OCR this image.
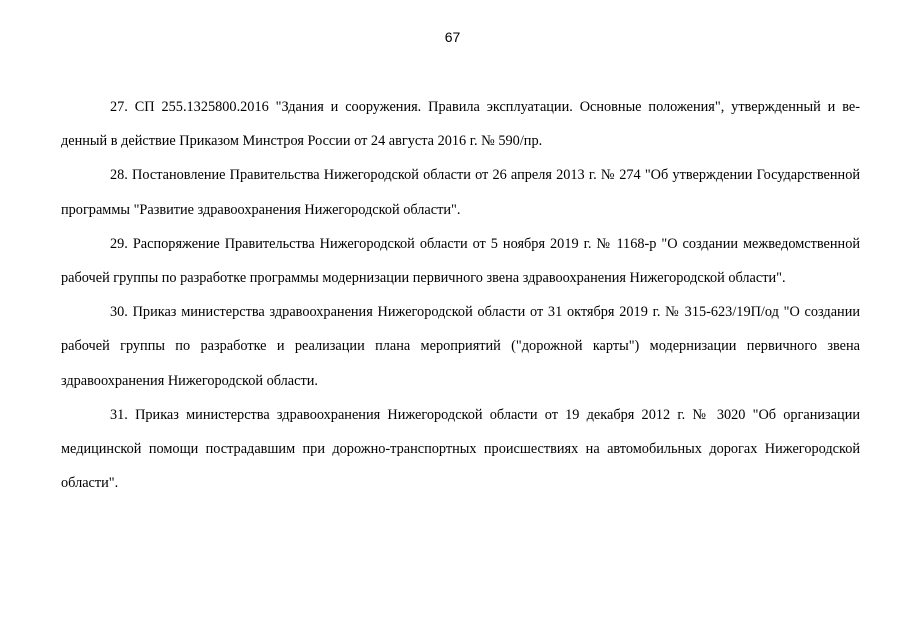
67

27. СП 255.1325800.2016 "Здания и сооружения. Правила эксплуатации. Основные положения", утвержденный и веденный в действие Приказом Минстроя России от 24 августа 2016 г. № 590/пр.

28. Постановление Правительства Нижегородской области от 26 апреля 2013 г. № 274 "Об утверждении Государственной программы "Развитие здравоохранения Нижегородской области".

29. Распоряжение Правительства Нижегородской области от 5 ноября 2019 г. № 1168-р "О создании межведомственной рабочей группы по разработке программы модернизации первичного звена здравоохранения Нижегородской области".

30. Приказ министерства здравоохранения Нижегородской области от 31 октября 2019 г. № 315-623/19П/од "О создании рабочей группы по разработке и реализации плана мероприятий ("дорожной карты") модернизации первичного звена здравоохранения Нижегородской области.

31. Приказ министерства здравоохранения Нижегородской области от 19 декабря 2012 г. № 3020 "Об организации медицинской помощи пострадавшим при дорожно-транспортных происшествиях на автомобильных дорогах Нижегородской области".
